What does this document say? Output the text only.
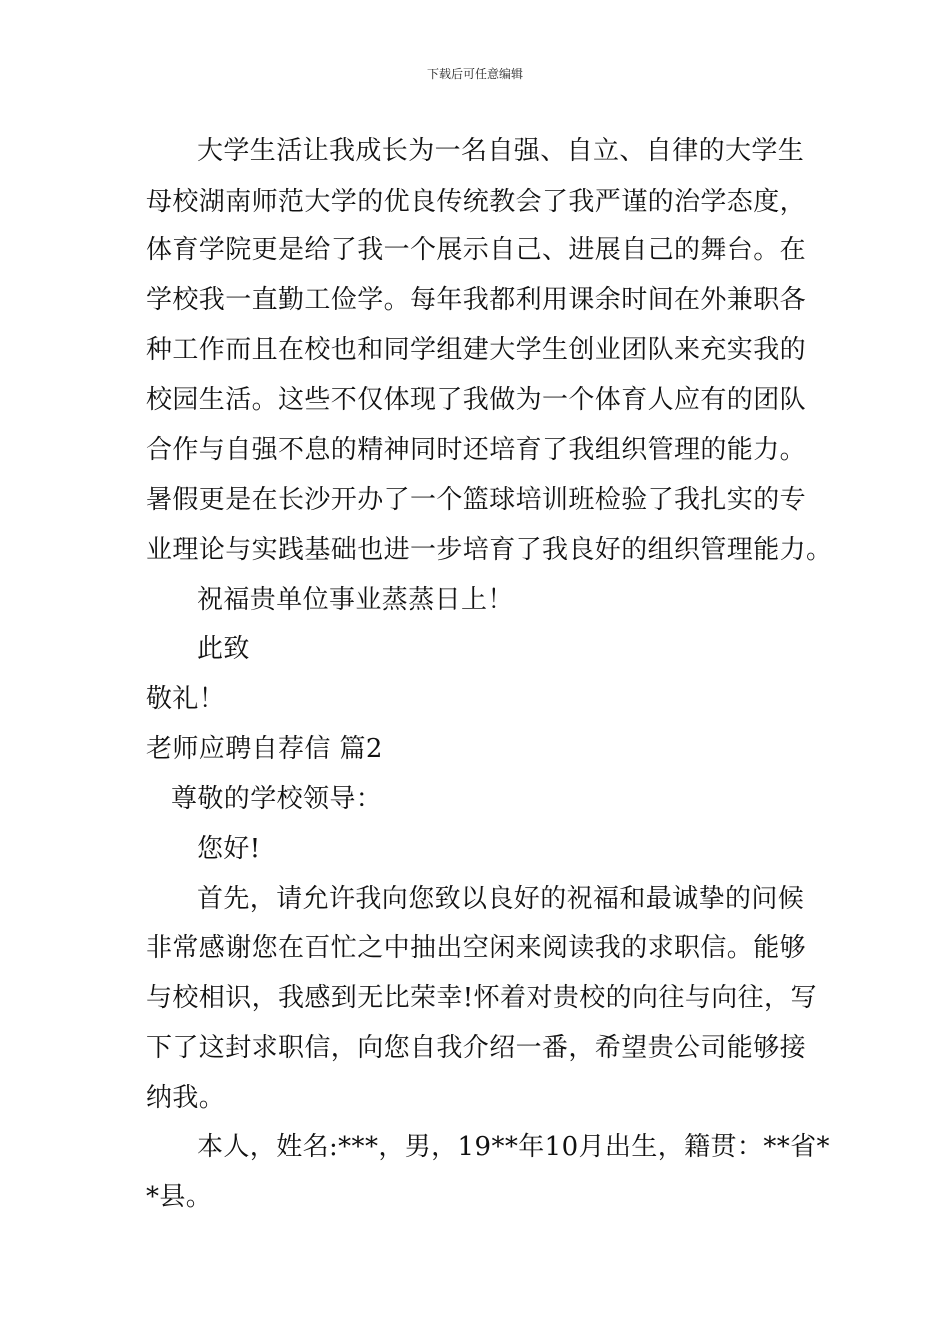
下载后可任意编辑
大学生活让我成长为一名自强、自立、自律的大学生
母校湖南师范大学的优良传统教会了我严谨的治学态度，
体育学院更是给了我一个展示自己、进展自己的舞台。在
学校我一直勤工俭学。每年我都利用课余时间在外兼职各
种工作而且在校也和同学组建大学生创业团队来充实我的
校园生活。这些不仅体现了我做为一个体育人应有的团队
合作与自强不息的精神同时还培育了我组织管理的能力。
暑假更是在长沙开办了一个篮球培训班检验了我扎实的专
业理论与实践基础也进一步培育了我良好的组织管理能力。
祝福贵单位事业蒸蒸日上！
此致
敬礼！
老师应聘自荐信 篇2
尊敬的学校领导：
您好!
首先，请允许我向您致以良好的祝福和最诚挚的问候
非常感谢您在百忙之中抽出空闲来阅读我的求职信。能够
与校相识，我感到无比荣幸!怀着对贵校的向往与向往，写
下了这封求职信，向您自我介绍一番，希望贵公司能够接
纳我。
本人，姓名:***，男，19**年10月出生，籍贯：**省*
*县。
